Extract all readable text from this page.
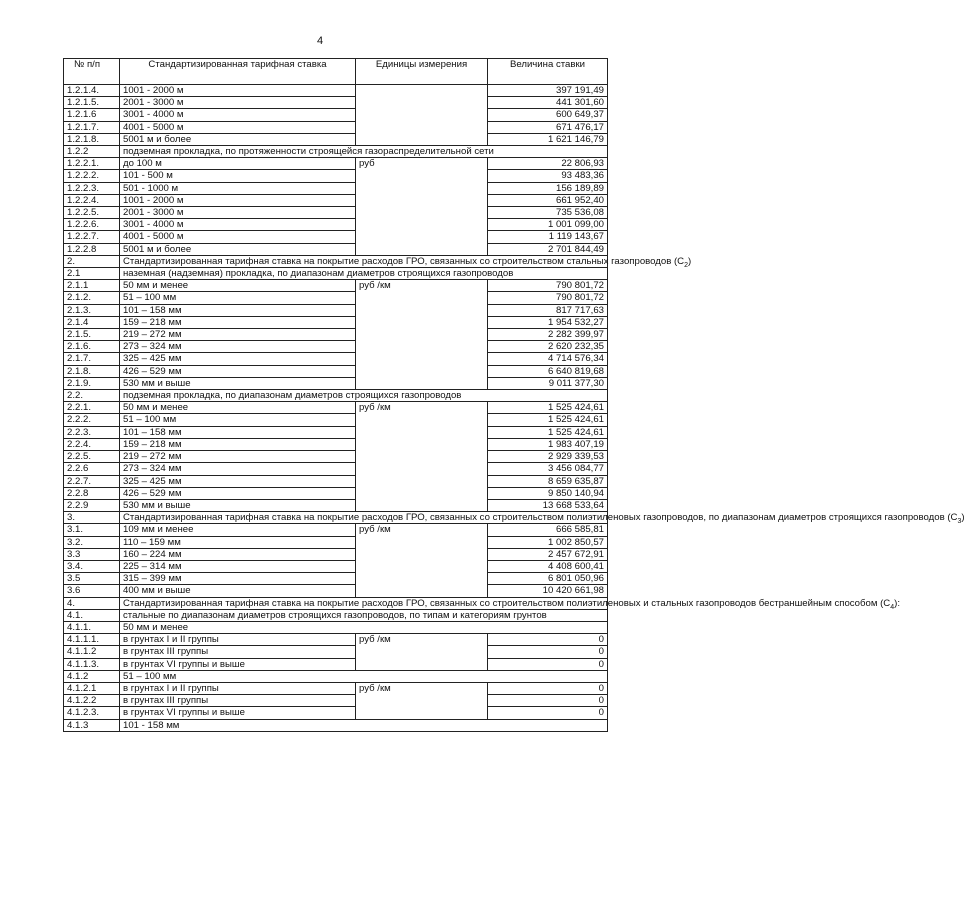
4
№ п/п	Стандартизированная тарифная ставка	Единицы измерения	Величина ставки
1.2.1.4.	1001 - 2000 м		397 191,49
1.2.1.5.	2001 - 3000 м		441 301,60
1.2.1.6	3001 - 4000 м		600 649,37
1.2.1.7.	4001 - 5000 м		671 476,17
1.2.1.8.	5001 м и более		1 621 146,79
1.2.2	подземная прокладка, по протяженности строящейся газораспределительной сети		
1.2.2.1.	до 100 м	руб	22 806,93
1.2.2.2.	101 - 500 м		93 483,36
1.2.2.3.	501 - 1000 м		156 189,89
1.2.2.4.	1001 - 2000 м		661 952,40
1.2.2.5.	2001 - 3000 м		735 536,08
1.2.2.6.	3001 - 4000 м		1 001 099,00
1.2.2.7.	4001 - 5000 м		1 119 143,67
1.2.2.8	5001 м и более		2 701 844,49
2.	Стандартизированная тарифная ставка на покрытие расходов ГРО, связанных со строительством стальных газопроводов $(C_2)$		
2.1	наземная (надземная) прокладка, по диапазонам диаметров строящихся газопроводов		
2.1.1	50 мм и менее	руб /км	790 801,72
2.1.2.	51 – 100 мм		790 801,72
2.1.3.	101 – 158 мм		817 717,63
2.1.4	159 – 218 мм		1 954 532,27
2.1.5.	219 – 272 мм		2 282 399,97
2.1.6.	273 – 324 мм		2 620 232,35
2.1.7.	325 – 425 мм		4 714 576,34
2.1.8.	426 – 529 мм		6 640 819,68
2.1.9.	530 мм и выше		9 011 377,30
2.2.	подземная прокладка, по диапазонам диаметров строящихся газопроводов		
2.2.1.	50 мм и менее	руб /км	1 525 424,61
2.2.2.	51 – 100 мм		1 525 424,61
2.2.3.	101 – 158 мм		1 525 424,61
2.2.4.	159 – 218 мм		1 983 407,19
2.2.5.	219 – 272 мм		2 929 339,53
2.2.6	273 – 324 мм		3 456 084,77
2.2.7.	325 – 425 мм		8 659 635,87
2.2.8	426 – 529 мм		9 850 140,94
2.2.9	530 мм и выше		13 668 533,64
3.	Стандартизированная тарифная ставка на покрытие расходов ГРО, связанных со строительством полиэтиленовых газопроводов, по диапазонам диаметров строящихся газопроводов $(C_3)$		
3.1.	109 мм и менее	руб /км	666 585,81
3.2.	110 – 159 мм		1 002 850,57
3.3	160 – 224 мм		2 457 672,91
3.4.	225 – 314 мм		4 408 600,41
3.5	315 – 399 мм		6 801 050,96
3.6	400 мм и выше		10 420 661,98
4.	Стандартизированная тарифная ставка на покрытие расходов ГРО, связанных со строительством полиэтиленовых и стальных газопроводов бестраншейным способом $(C_4)$:		
4.1.	стальные по диапазонам диаметров строящихся газопроводов, по типам и категориям грунтов		
4.1.1.	50 мм и менее		
4.1.1.1.	в грунтах I и II группы	руб /км	0
4.1.1.2	в грунтах III группы		0
4.1.1.3.	в грунтах VI группы и выше		0
4.1.2	51 – 100 мм		
4.1.2.1	в грунтах I и II группы	руб /км	0
4.1.2.2	в грунтах III группы		0
4.1.2.3.	в грунтах VI группы и выше		0
4.1.3	101 - 158 мм		
